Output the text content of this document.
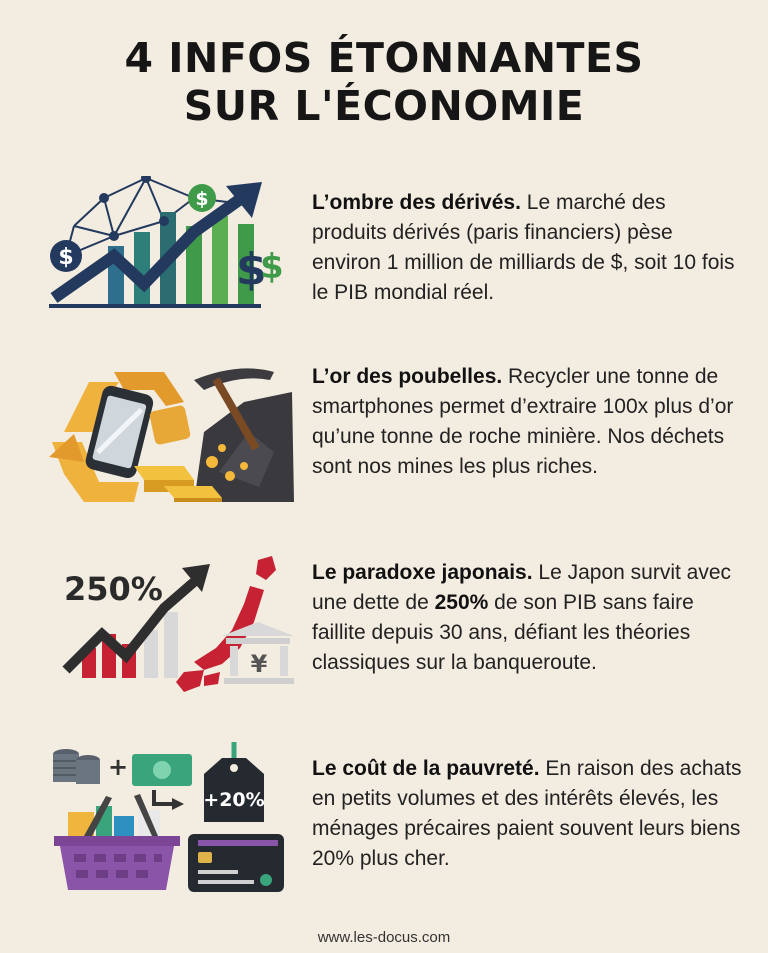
4 INFOS ÉTONNANTES
SUR L'ÉCONOMIE
$
$
$
$
L’ombre des dérivés. Le marché des produits dérivés (paris financiers) pèse environ 1 million de milliards de $, soit 10 fois le PIB mondial réel.
L’or des poubelles. Recycler une tonne de smartphones permet d’extraire 100x plus d’or qu’une tonne de roche minière. Nos déchets sont nos mines les plus riches.
250%
¥
Le paradoxe japonais. Le Japon survit avec une dette de 250% de son PIB sans faire faillite depuis 30 ans, défiant les théories classiques sur la banqueroute.
+
+20%
Le coût de la pauvreté. En raison des achats en petits volumes et des intérêts élevés, les ménages précaires paient souvent leurs biens 20% plus cher.
www.les-docus.com
